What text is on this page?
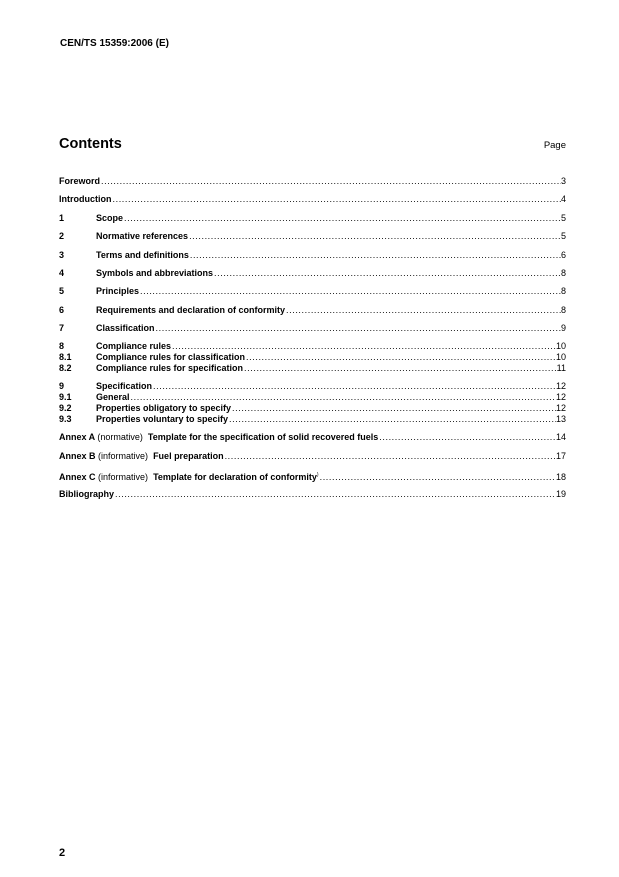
CEN/TS 15359:2006 (E)
Contents	Page
Foreword .....	3
Introduction .....	4
1	Scope .....	5
2	Normative references .....	5
3	Terms and definitions .....	6
4	Symbols and abbreviations .....	8
5	Principles .....	8
6	Requirements and declaration of conformity .....	8
7	Classification .....	9
8	Compliance rules .....	10
8.1	Compliance rules for classification .....	10
8.2	Compliance rules for specification .....	11
9	Specification .....	12
9.1	General .....	12
9.2	Properties obligatory to specify .....	12
9.3	Properties voluntary to specify .....	13
Annex A (normative) Template for the specification of solid recovered fuels .....	14
Annex B (informative) Fuel preparation .....	17
Annex C (informative) Template for declaration of conformity) .....	18
Bibliography .....	19
2
